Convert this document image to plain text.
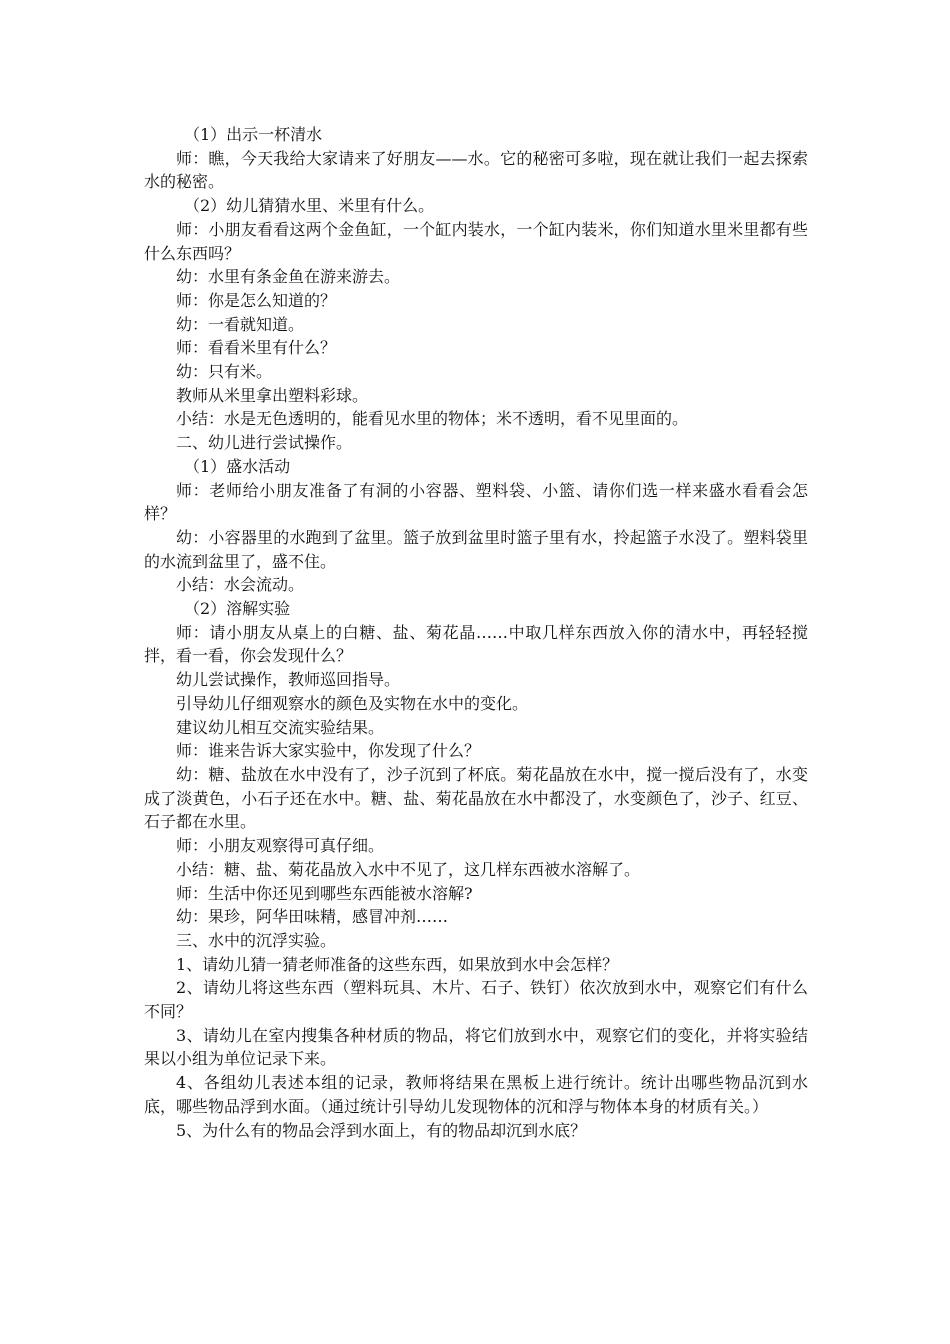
（1）出示一杯清水

师：瞧，今天我给大家请来了好朋友——水。它的秘密可多啦，现在就让我们一起去探索水的秘密。

（2）幼儿猜猜水里、米里有什么。

师：小朋友看看这两个金鱼缸，一个缸内装水，一个缸内装米，你们知道水里米里都有些什么东西吗？

幼：水里有条金鱼在游来游去。

师：你是怎么知道的？

幼：一看就知道。

师：看看米里有什么？

幼：只有米。

教师从米里拿出塑料彩球。

小结：水是无色透明的，能看见水里的物体；米不透明，看不见里面的。

二、幼儿进行尝试操作。

（1）盛水活动

师：老师给小朋友准备了有洞的小容器、塑料袋、小篮、请你们选一样来盛水看看会怎样？

幼：小容器里的水跑到了盆里。篮子放到盆里时篮子里有水，拎起篮子水没了。塑料袋里的水流到盆里了，盛不住。

小结：水会流动。

（2）溶解实验

师：请小朋友从桌上的白糖、盐、菊花晶……中取几样东西放入你的清水中，再轻轻搅拌，看一看，你会发现什么？

幼儿尝试操作，教师巡回指导。

引导幼儿仔细观察水的颜色及实物在水中的变化。

建议幼儿相互交流实验结果。

师：谁来告诉大家实验中，你发现了什么？

幼：糖、盐放在水中没有了，沙子沉到了杯底。菊花晶放在水中，搅一搅后没有了，水变成了淡黄色，小石子还在水中。糖、盐、菊花晶放在水中都没了，水变颜色了，沙子、红豆、石子都在水里。

师：小朋友观察得可真仔细。

小结：糖、盐、菊花晶放入水中不见了，这几样东西被水溶解了。

师：生活中你还见到哪些东西能被水溶解?

幼：果珍，阿华田味精，感冒冲剂……

三、水中的沉浮实验。

1、请幼儿猜一猜老师准备的这些东西，如果放到水中会怎样？

2、请幼儿将这些东西（塑料玩具、木片、石子、铁钉）依次放到水中，观察它们有什么不同？

3、请幼儿在室内搜集各种材质的物品，将它们放到水中，观察它们的变化，并将实验结果以小组为单位记录下来。

4、各组幼儿表述本组的记录，教师将结果在黑板上进行统计。统计出哪些物品沉到水底，哪些物品浮到水面。（通过统计引导幼儿发现物体的沉和浮与物体本身的材质有关。）

5、为什么有的物品会浮到水面上，有的物品却沉到水底？
